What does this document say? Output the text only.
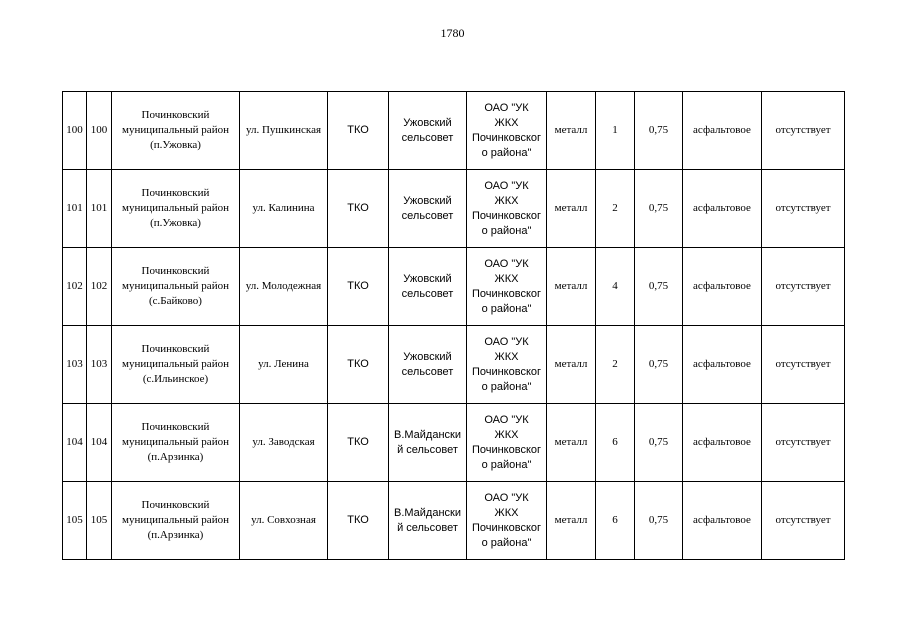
1780
100	100	Починковский
муниципальный район
(п.Ужовка)	ул. Пушкинская	ТКО	Ужовский
сельсовет	ОАО "УК
ЖКХ
Починковског
о района"	металл	1	0,75	асфальтовое	отсутствует
101	101	Починковский
муниципальный район
(п.Ужовка)	ул. Калинина	ТКО	Ужовский
сельсовет	ОАО "УК
ЖКХ
Починковског
о района"	металл	2	0,75	асфальтовое	отсутствует
102	102	Починковский
муниципальный район
(с.Байково)	ул. Молодежная	ТКО	Ужовский
сельсовет	ОАО "УК
ЖКХ
Починковског
о района"	металл	4	0,75	асфальтовое	отсутствует
103	103	Починковский
муниципальный район
(с.Ильинское)	ул. Ленина	ТКО	Ужовский
сельсовет	ОАО "УК
ЖКХ
Починковског
о района"	металл	2	0,75	асфальтовое	отсутствует
104	104	Починковский
муниципальный район
(п.Арзинка)	ул. Заводская	ТКО	В.Майдански
й сельсовет	ОАО "УК
ЖКХ
Починковског
о района"	металл	6	0,75	асфальтовое	отсутствует
105	105	Починковский
муниципальный район
(п.Арзинка)	ул. Совхозная	ТКО	В.Майдански
й сельсовет	ОАО "УК
ЖКХ
Починковског
о района"	металл	6	0,75	асфальтовое	отсутствует
